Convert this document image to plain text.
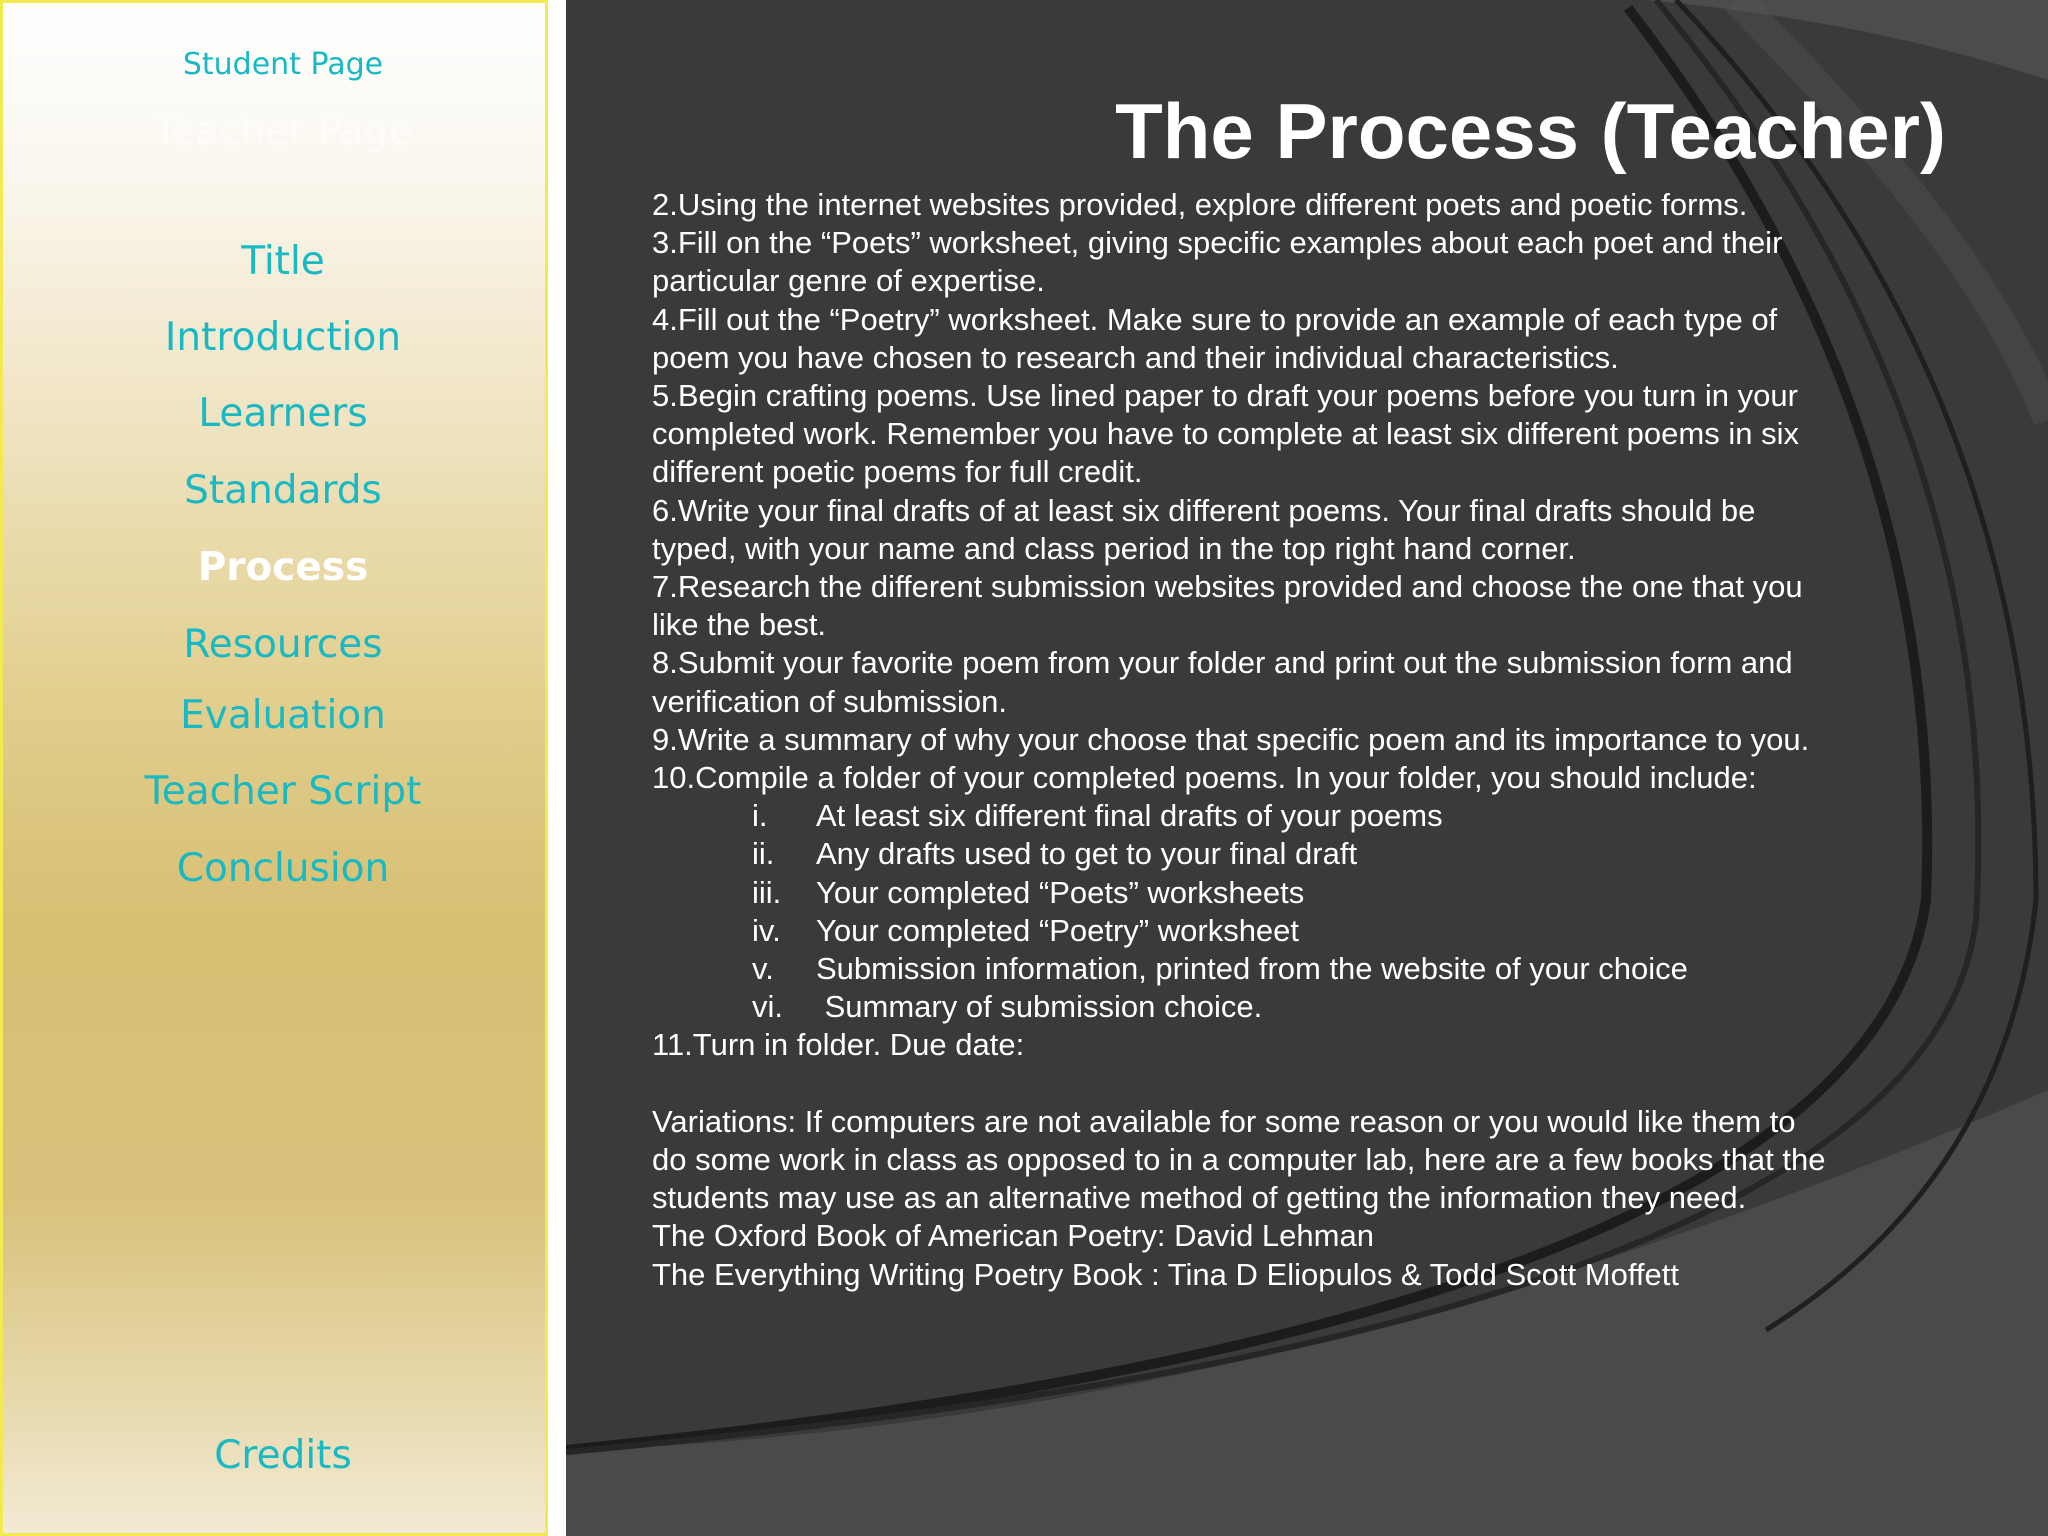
Student Page
Teacher Page
Title
Introduction
Learners
Standards
Process
Resources
Evaluation
Teacher Script
Conclusion
Credits
The Process (Teacher)
2.Using the internet websites provided, explore different poets and poetic forms.
3.Fill on the “Poets” worksheet, giving specific examples about each poet and their
particular genre of expertise.
4.Fill out the “Poetry” worksheet. Make sure to provide an example of each type of
poem you have chosen to research and their individual characteristics.
5.Begin crafting poems. Use lined paper to draft your poems before you turn in your
completed work. Remember you have to complete at least six different poems in six
different poetic poems for full credit.
6.Write your final drafts of at least six different poems. Your final drafts should be
typed, with your name and class period in the top right hand corner.
7.Research the different submission websites provided and choose the one that you
like the best.
8.Submit your favorite poem from your folder and print out the submission form and
verification of submission.
9.Write a summary of why your choose that specific poem and its importance to you.
10.Compile a folder of your completed poems. In your folder, you should include:
i.	At least six different final drafts of your poems
ii.	Any drafts used to get to your final draft
iii.	Your completed “Poets” worksheets
iv.	Your completed “Poetry” worksheet
v.	Submission information, printed from the website of your choice
vi.	Summary of submission choice.
11.Turn in folder. Due date:
Variations: If computers are not available for some reason or you would like them to
do some work in class as opposed to in a computer lab, here are a few books that the
students may use as an alternative method of getting the information they need.
The Oxford Book of American Poetry: David Lehman
The Everything Writing Poetry Book : Tina D Eliopulos & Todd Scott Moffett
